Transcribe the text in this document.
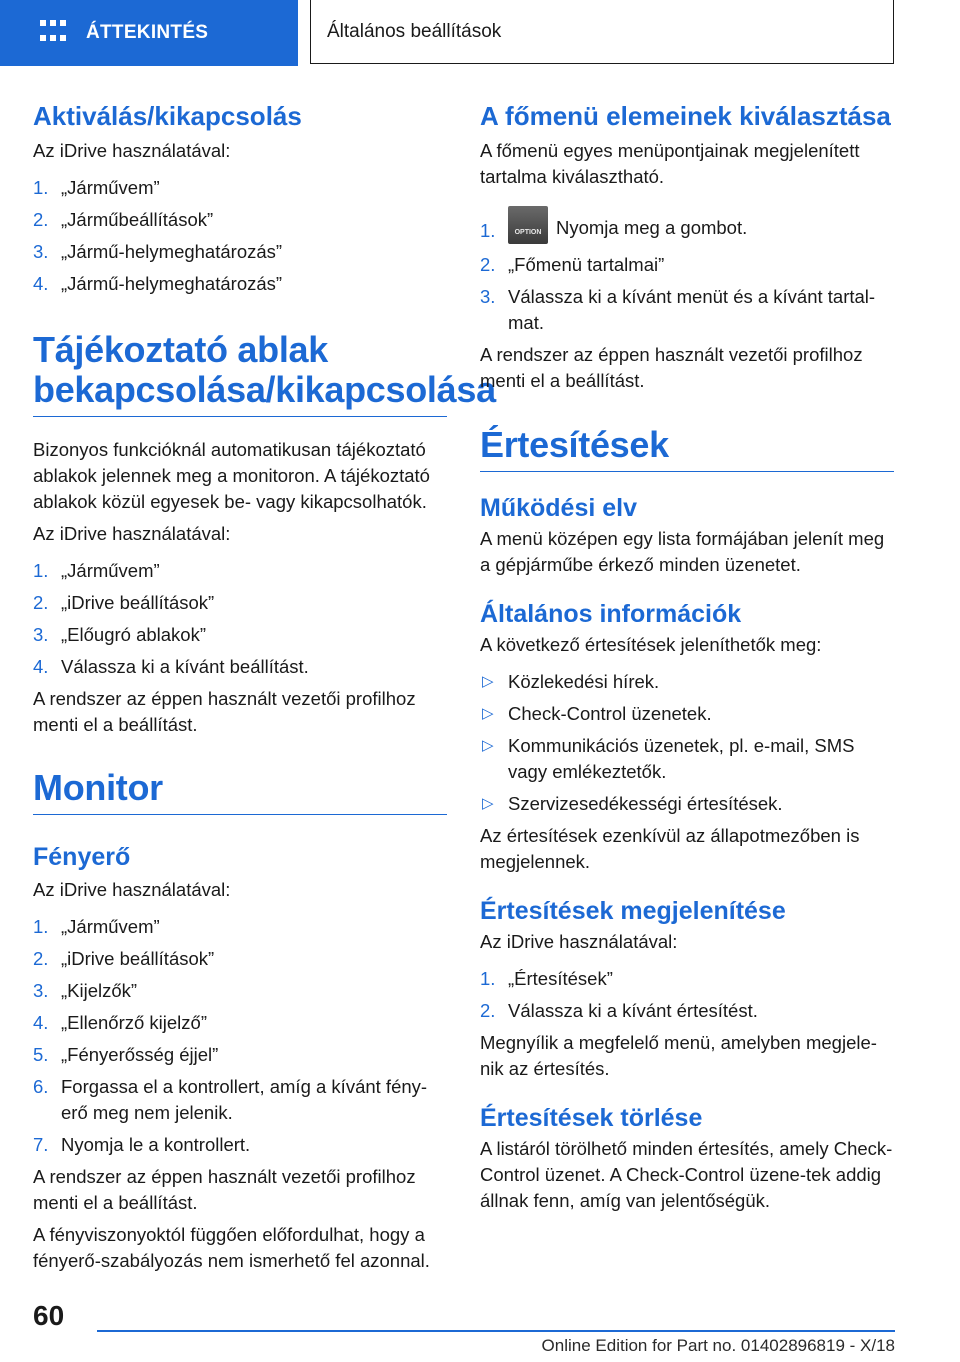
ÁTTEKINTÉS	Általános beállítások
Aktiválás/kikapcsolás

Az iDrive használatával:

1. „Járművem”
2. „Járműbeállítások”
3. „Jármű-helymeghatározás”
4. „Jármű-helymeghatározás”
Tájékoztató ablak
bekapcsolása/kikapcsolása

Bizonyos funkcióknál automatikusan tájékoztató ablakok jelennek meg a monitoron. A tájékoztató ablakok közül egyesek be- vagy kikapcsolhatók.

Az iDrive használatával:

1. „Járművem”
2. „iDrive beállítások”
3. „Előugró ablakok”
4. Válassza ki a kívánt beállítást.

A rendszer az éppen használt vezetői profilhoz menti el a beállítást.

Monitor
Fényerő

Az iDrive használatával:

1. „Járművem”
2. „iDrive beállítások”
3. „Kijelzők”
4. „Ellenőrző kijelző”
5. „Fényerősség éjjel”
6. Forgassa el a kontrollert, amíg a kívánt fény-erő meg nem jelenik.
7. Nyomja le a kontrollert.

A rendszer az éppen használt vezetői profilhoz menti el a beállítást.

A fényviszonyoktól függően előfordulhat, hogy a fényerő-szabályozás nem ismerhető fel azonnal.

A főmenü elemeinek kiválasztása

A főmenü egyes menüpontjainak megjelenített tartalma kiválasztható.

1.	OPTION Nyomja meg a gombot.
2. „Főmenü tartalmai”
3. Válassza ki a kívánt menüt és a kívánt tartal-mat.

A rendszer az éppen használt vezetői profilhoz menti el a beállítást.

Értesítések
Működési elv

A menü középen egy lista formájában jelenít meg a gépjárműbe érkező minden üzenetet.

Általános információk

A következő értesítések jeleníthetők meg:

▷ Közlekedési hírek.
▷ Check-Control üzenetek.
▷ Kommunikációs üzenetek, pl. e-mail, SMS vagy emlékeztetők.
▷ Szervizesedékességi értesítések.

Az értesítések ezenkívül az állapotmezőben is megjelennek.

Értesítések megjelenítése

Az iDrive használatával:

1. „Értesítések”
2. Válassza ki a kívánt értesítést.

Megnyílik a megfelelő menü, amelyben megjele-nik az értesítés.

Értesítések törlése

A listáról törölhető minden értesítés, amely Check-Control üzenet. A Check-Control üzene-tek addig állnak fenn, amíg van jelentőségük.

60
Online Edition for Part no. 01402896819 - X/18
